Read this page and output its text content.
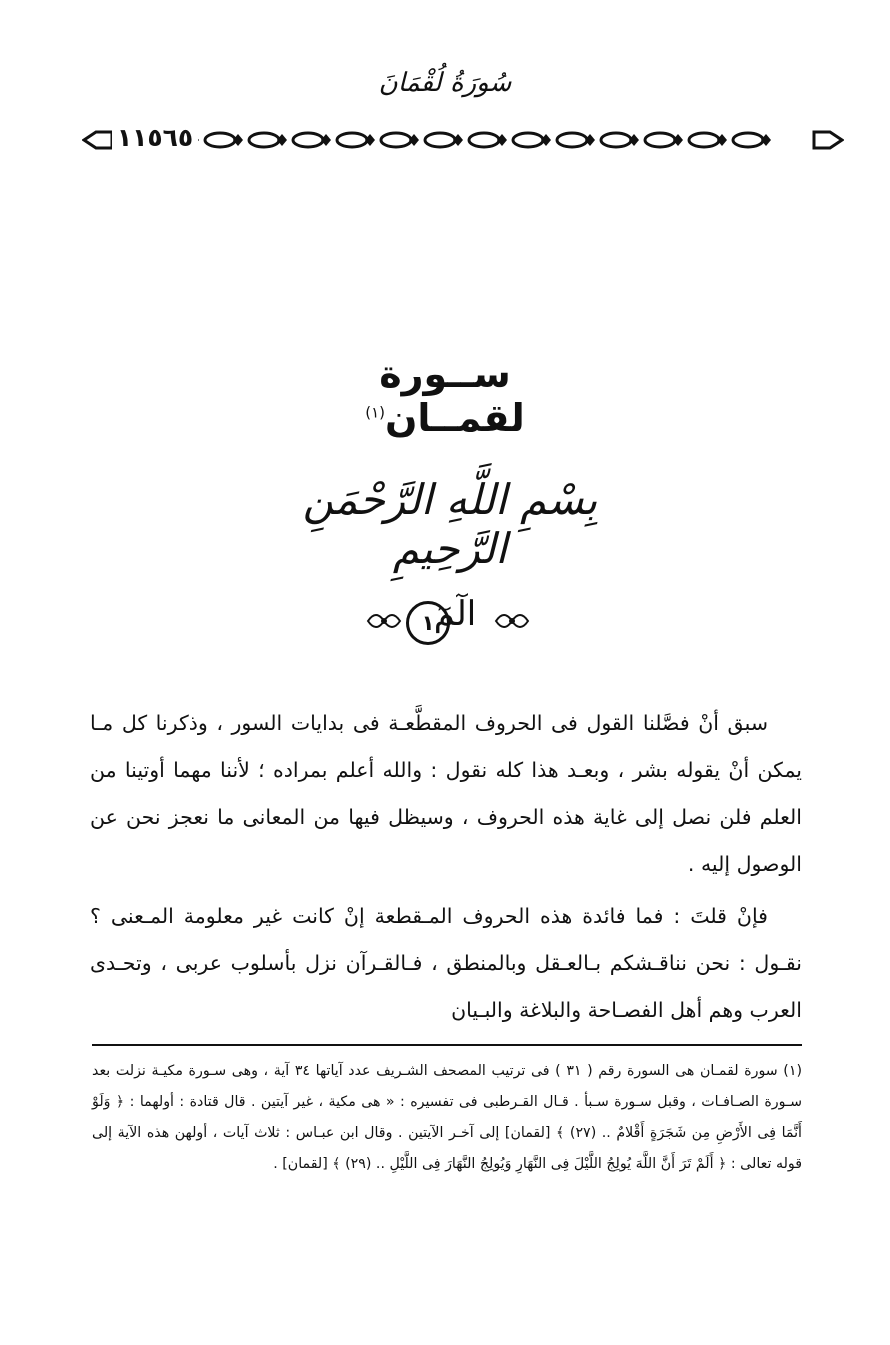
سُورَةُ لُقْمَانَ
١١٥٦٥
ســورة لقمــان$^{(١)}$
بِسْمِ اللَّهِ الرَّحْمَنِ الرَّحِيمِ
الٓمٓ
١

سبق أنْ فصَّلنا القول فى الحروف المقطَّعـة فى بدايات السور ، وذكرنا كل مـا يمكن أنْ يقوله بشر ، وبعـد هذا كله نقول : والله أعلم بمراده ؛ لأننا مهما أوتينا من العلم فلن نصل إلى غاية هذه الحروف ، وسيظل فيها من المعانى ما نعجز نحن عن الوصول إليه .

فإنْ قلتَ : فما فائدة هذه الحروف المـقطعة إنْ كانت غير معلومة المـعنى ؟ نقـول : نحن نناقـشكم بـالعـقل وبالمنطق ، فـالقـرآن نزل بأسلوب عربى ، وتحـدى العرب وهم أهل الفصـاحة والبلاغة والبـيان

(١) سورة لقمـان هى السورة رقم ( ٣١ ) فى ترتيب المصحف الشـريف عدد آياتها ٣٤ آية ، وهى سـورة مكيـة نزلت بعد سـورة الصـافـات ، وقبل سـورة سـبأ . قـال القـرطبى فى تفسيره : « هى مكية ، غير آيتين . قال قتادة : أولهما : ﴿ وَلَوْ أَنَّمَا فِى الأَرْضِ مِن شَجَرَةٍ أَقْلامٌ .. (٢٧) ﴾ [لقمان] إلى آخـر الآيتين . وقال ابن عبـاس : ثلاث آيات ، أولهن هذه الآية إلى قوله تعالى : ﴿ أَلَمْ تَرَ أَنَّ اللَّهَ يُولِجُ اللَّيْلَ فِى النَّهَارِ وَيُولِجُ النَّهَارَ فِى اللَّيْلِ .. (٢٩) ﴾ [لقمان] .
